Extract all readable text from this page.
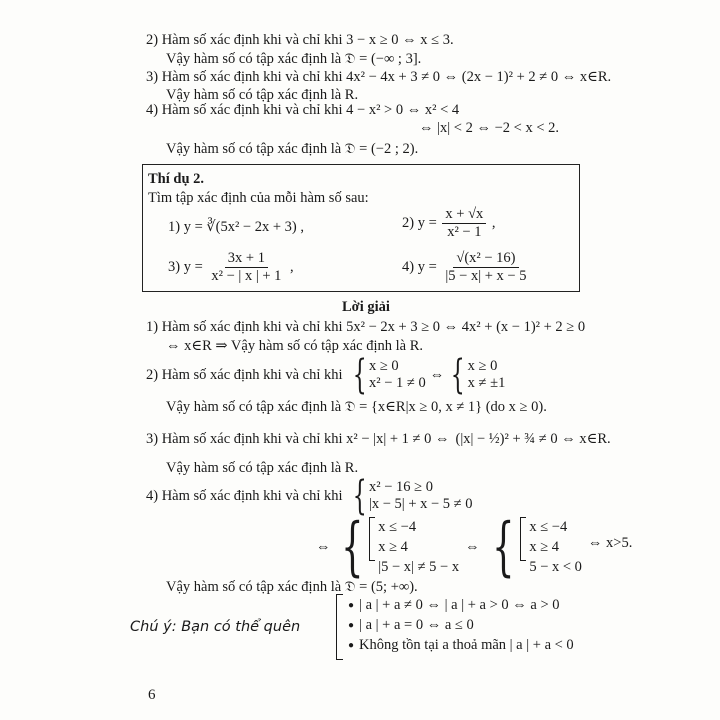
2) Hàm số xác định khi và chỉ khi 3 − x ≥ 0 ⇔ x ≤ 3.
Vậy hàm số có tập xác định là 𝔇 = (−∞ ; 3].
3) Hàm số xác định khi và chỉ khi 4x² − 4x + 3 ≠ 0 ⇔ (2x − 1)² + 2 ≠ 0 ⇔ x∈R.
Vậy hàm số có tập xác định là R.
4) Hàm số xác định khi và chỉ khi 4 − x² > 0 ⇔ x² < 4
⇔ |x| < 2 ⇔ −2 < x < 2.
Vậy hàm số có tập xác định là 𝔇 = (−2 ; 2).
Thí dụ 2.
Tìm tập xác định của mỗi hàm số sau:
1) y = ∛(5x² − 2x + 3) ,	2) $y = \frac{x + √x}{\text{x² − 1}}$ ,
3) $y = \frac{3x + 1}{\text{x² − | x | + 1}}$ ,	4) $y = \frac{\text{√(x² − 16)}}{|5 - x| + x - 5}$
Lời giải
1) Hàm số xác định khi và chỉ khi 5x² − 2x + 3 ≥ 0 ⇔ 4x² + (x − 1)² + 2 ≥ 0
⇔ x∈R ⇒ Vậy hàm số có tập xác định là R.
2) Hàm số xác định khi và chỉ khi { x ≥ 0
x² − 1 ≠ 0 ⇔ { x ≥ 0
x ≠ ±1
Vậy hàm số có tập xác định là 𝔇 = {x∈R|x ≥ 0, x ≠ 1} (do x ≥ 0).
3) Hàm số xác định khi và chỉ khi x² − |x| + 1 ≠ 0 ⇔ (|x| − ½)² + ¾ ≠ 0 ⇔ x∈R.
Vậy hàm số có tập xác định là R.
4) Hàm số xác định khi và chỉ khi { x² − 16 ≥ 0
|x − 5| + x − 5 ≠ 0
⇔ { x ≤ −4
x ≥ 4
|5 − x| ≠ 5 − x
⇔ { x ≤ −4
x ≥ 4
5 − x < 0
⇔ x>5.
Vậy hàm số có tập xác định là 𝔇 = (5; +∞).
Chú ý: Bạn có thể quên
● | a | + a ≠ 0 ⇔ | a | + a > 0 ⇔ a > 0
● | a | + a = 0 ⇔ a ≤ 0
● Không tồn tại a thoả mãn | a | + a < 0
6
